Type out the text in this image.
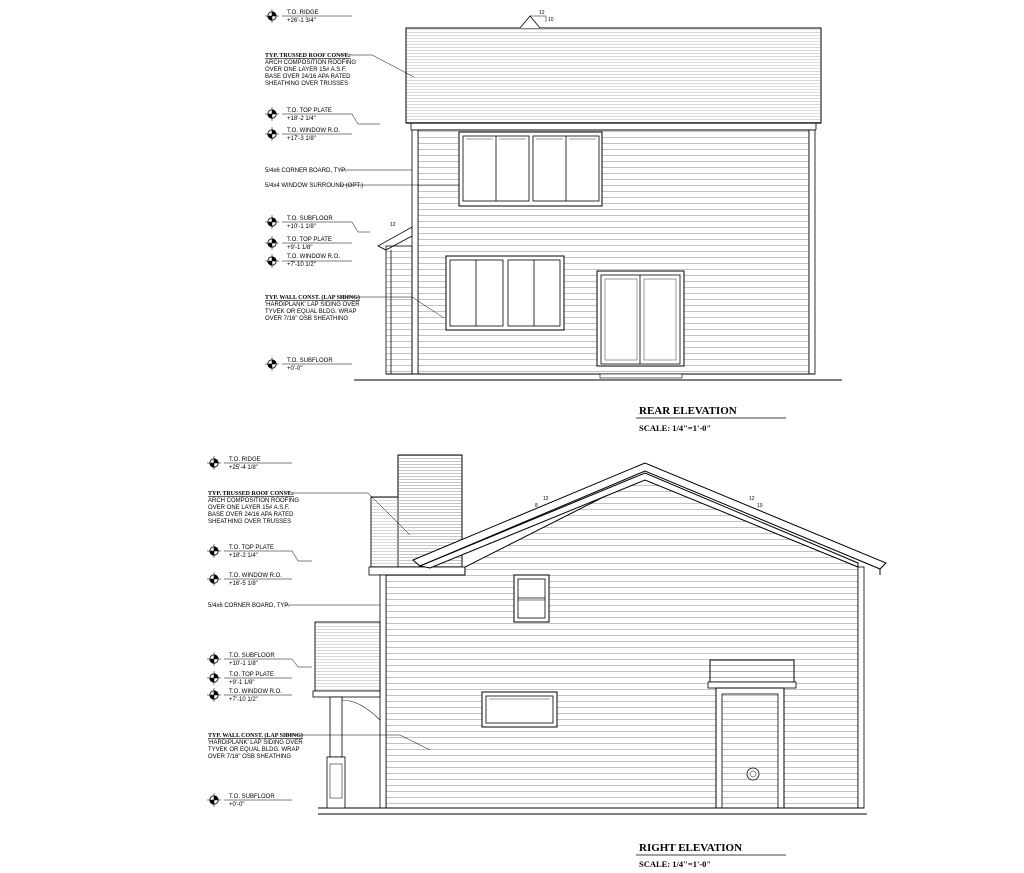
12
10
12
T.O. RIDGE
+26'-1 3/4"
T.O. TOP PLATE
+18'-2 1/4"
T.O. WINDOW R.O.
+17'-3 1/8"
T.O. SUBFLOOR
+10'-1 1/8"
T.O. TOP PLATE
+9'-1 1/8"
T.O. WINDOW R.O.
+7'-10 1/2"
T.O. SUBFLOOR
+0'-0"
TYP. TRUSSED ROOF CONST.:
ARCH COMPOSITION ROOFING
OVER ONE LAYER 15# A.S.F.
BASE OVER 24/16 APA RATED
SHEATHING OVER TRUSSES
5/4x6 CORNER BOARD, TYP.
5/4x4 WINDOW SURROUND (OPT.)
TYP. WALL CONST. (LAP SIDING)
'HARDIPLANK' LAP SIDING OVER
TYVEK OR EQUAL BLDG. WRAP
OVER 7/16" OSB SHEATHING
REAR ELEVATION
SCALE: 1/4"=1'-0"
12
8
12
10
T.O. RIDGE
+25'-4 1/8"
T.O. TOP PLATE
+18'-2 1/4"
T.O. WINDOW R.O.
+16'-5 1/8"
T.O. SUBFLOOR
+10'-1 1/8"
T.O. TOP PLATE
+9'-1 1/8"
T.O. WINDOW R.O.
+7'-10 1/2"
T.O. SUBFLOOR
+0'-0"
TYP. TRUSSED ROOF CONST.:
ARCH COMPOSITION ROOFING
OVER ONE LAYER 15# A.S.F.
BASE OVER 24/16 APA RATED
SHEATHING OVER TRUSSES
5/4x6 CORNER BOARD, TYP.
TYP. WALL CONST. (LAP SIDING)
'HARDIPLANK' LAP SIDING OVER
TYVEK OR EQUAL BLDG. WRAP
OVER 7/16" OSB SHEATHING
RIGHT ELEVATION
SCALE: 1/4"=1'-0"
